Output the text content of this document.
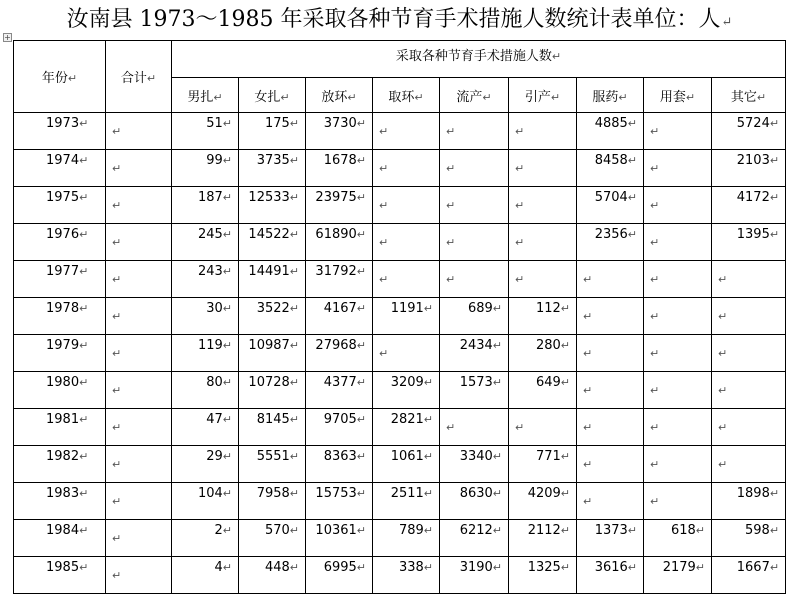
汝南县 1973～1985 年采取各种节育手术措施人数统计表单位：人↵
+
年份↵	合计↵	采取各种节育手术措施人数↵								
		男扎↵	女扎↵	放环↵	取环↵	流产↵	引产↵	服药↵	用套↵	其它↵
1973↵	$_↵$	51↵	175↵	3730↵	$_↵$	$_↵$	$_↵$	4885↵	$_↵$	5724↵
1974↵	$_↵$	99↵	3735↵	1678↵	$_↵$	$_↵$	$_↵$	8458↵	$_↵$	2103↵
1975↵	$_↵$	187↵	12533↵	23975↵	$_↵$	$_↵$	$_↵$	5704↵	$_↵$	4172↵
1976↵	$_↵$	245↵	14522↵	61890↵	$_↵$	$_↵$	$_↵$	2356↵	$_↵$	1395↵
1977↵	$_↵$	243↵	14491↵	31792↵	$_↵$	$_↵$	$_↵$	$_↵$	$_↵$	$_↵$
1978↵	$_↵$	30↵	3522↵	4167↵	1191↵	689↵	112↵	$_↵$	$_↵$	$_↵$
1979↵	$_↵$	119↵	10987↵	27968↵	$_↵$	2434↵	280↵	$_↵$	$_↵$	$_↵$
1980↵	$_↵$	80↵	10728↵	4377↵	3209↵	1573↵	649↵	$_↵$	$_↵$	$_↵$
1981↵	$_↵$	47↵	8145↵	9705↵	2821↵	$_↵$	$_↵$	$_↵$	$_↵$	$_↵$
1982↵	$_↵$	29↵	5551↵	8363↵	1061↵	3340↵	771↵	$_↵$	$_↵$	$_↵$
1983↵	$_↵$	104↵	7958↵	15753↵	2511↵	8630↵	4209↵	$_↵$	$_↵$	1898↵
1984↵	$_↵$	2↵	570↵	10361↵	789↵	6212↵	2112↵	1373↵	618↵	598↵
1985↵	$_↵$	4↵	448↵	6995↵	338↵	3190↵	1325↵	3616↵	2179↵	1667↵
